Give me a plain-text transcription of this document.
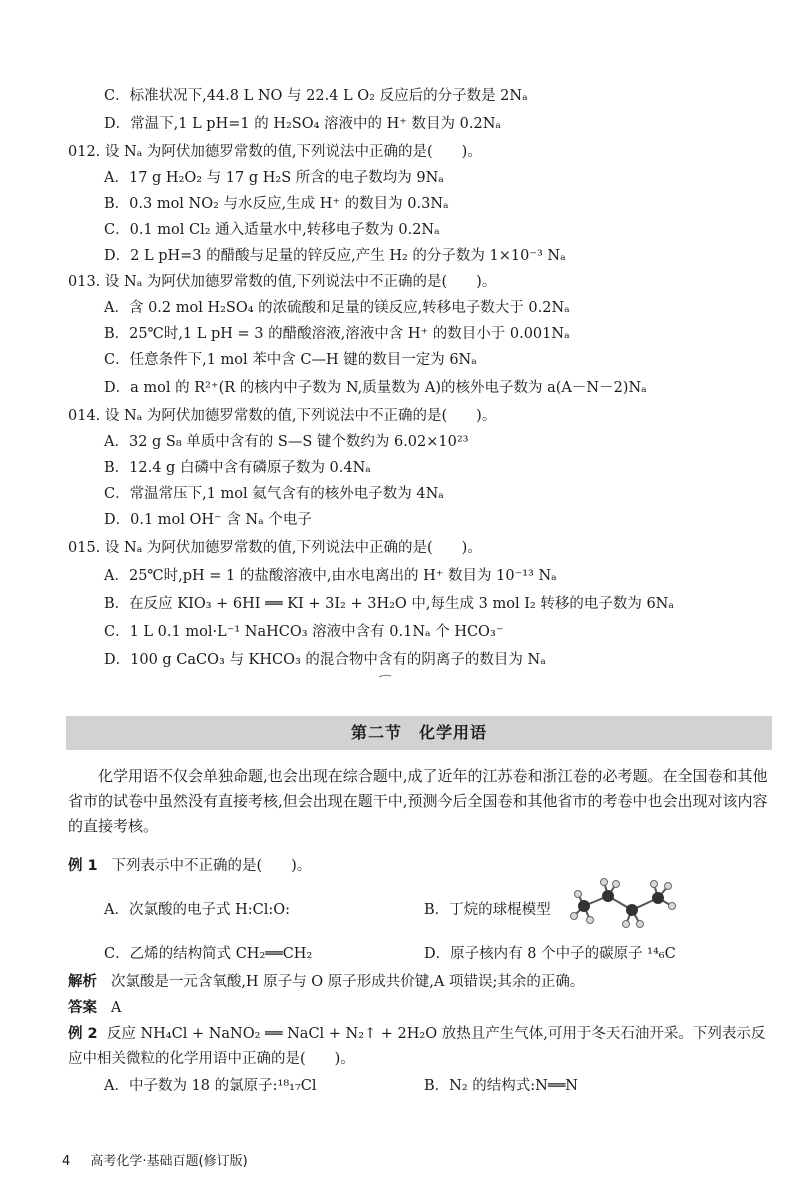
C．标准状况下,44.8 L NO 与 22.4 L O₂ 反应后的分子数是 2Nₐ
D．常温下,1 L pH=1 的 H₂SO₄ 溶液中的 H⁺ 数目为 0.2Nₐ
012. 设 Nₐ 为阿伏加德罗常数的值,下列说法中正确的是(　　)。
A．17 g H₂O₂ 与 17 g H₂S 所含的电子数均为 9Nₐ
B．0.3 mol NO₂ 与水反应,生成 H⁺ 的数目为 0.3Nₐ
C．0.1 mol Cl₂ 通入适量水中,转移电子数为 0.2Nₐ
D．2 L pH=3 的醋酸与足量的锌反应,产生 H₂ 的分子数为 1×10⁻³ Nₐ
013. 设 Nₐ 为阿伏加德罗常数的值,下列说法中不正确的是(　　)。
A．含 0.2 mol H₂SO₄ 的浓硫酸和足量的镁反应,转移电子数大于 0.2Nₐ
B．25℃时,1 L pH = 3 的醋酸溶液,溶液中含 H⁺ 的数目小于 0.001Nₐ
C．任意条件下,1 mol 苯中含 C—H 键的数目一定为 6Nₐ
D．a mol 的 R²⁺(R 的核内中子数为 N,质量数为 A)的核外电子数为 a(A－N－2)Nₐ
014. 设 Nₐ 为阿伏加德罗常数的值,下列说法中不正确的是(　　)。
A．32 g S₈ 单质中含有的 S—S 键个数约为 6.02×10²³
B．12.4 g 白磷中含有磷原子数为 0.4Nₐ
C．常温常压下,1 mol 氦气含有的核外电子数为 4Nₐ
D．0.1 mol OH⁻ 含 Nₐ 个电子
015. 设 Nₐ 为阿伏加德罗常数的值,下列说法中正确的是(　　)。
A．25℃时,pH = 1 的盐酸溶液中,由水电离出的 H⁺ 数目为 10⁻¹³ Nₐ
B．在反应 KIO₃ + 6HI ══ KI + 3I₂ + 3H₂O 中,每生成 3 mol I₂ 转移的电子数为 6Nₐ
C．1 L 0.1 mol·L⁻¹ NaHCO₃ 溶液中含有 0.1Nₐ 个 HCO₃⁻
D．100 g CaCO₃ 与 KHCO₃ 的混合物中含有的阴离子的数目为 Nₐ
第二节　化学用语
化学用语不仅会单独命题,也会出现在综合题中,成了近年的江苏卷和浙江卷的必考题。在全国卷和其他省市的试卷中虽然没有直接考核,但会出现在题干中,预测今后全国卷和其他省市的考卷中也会出现对该内容的直接考核。
例 1 下列表示中不正确的是(　　)。
A．次氯酸的电子式 H:Cl:O:	B．丁烷的球棍模型
C．乙烯的结构简式 CH₂══CH₂	D．原子核内有 8 个中子的碳原子 ¹⁴₆C
解析 次氯酸是一元含氧酸,H 原子与 O 原子形成共价键,A 项错误;其余的正确。
答案 A
例 2 反应 NH₄Cl + NaNO₂ ══ NaCl + N₂↑ + 2H₂O 放热且产生气体,可用于冬天石油开采。下列表示反应中相关微粒的化学用语中正确的是(　　)。
A．中子数为 18 的氯原子:¹⁸₁₇Cl	B．N₂ 的结构式:N══N
4 高考化学·基础百题(修订版)
